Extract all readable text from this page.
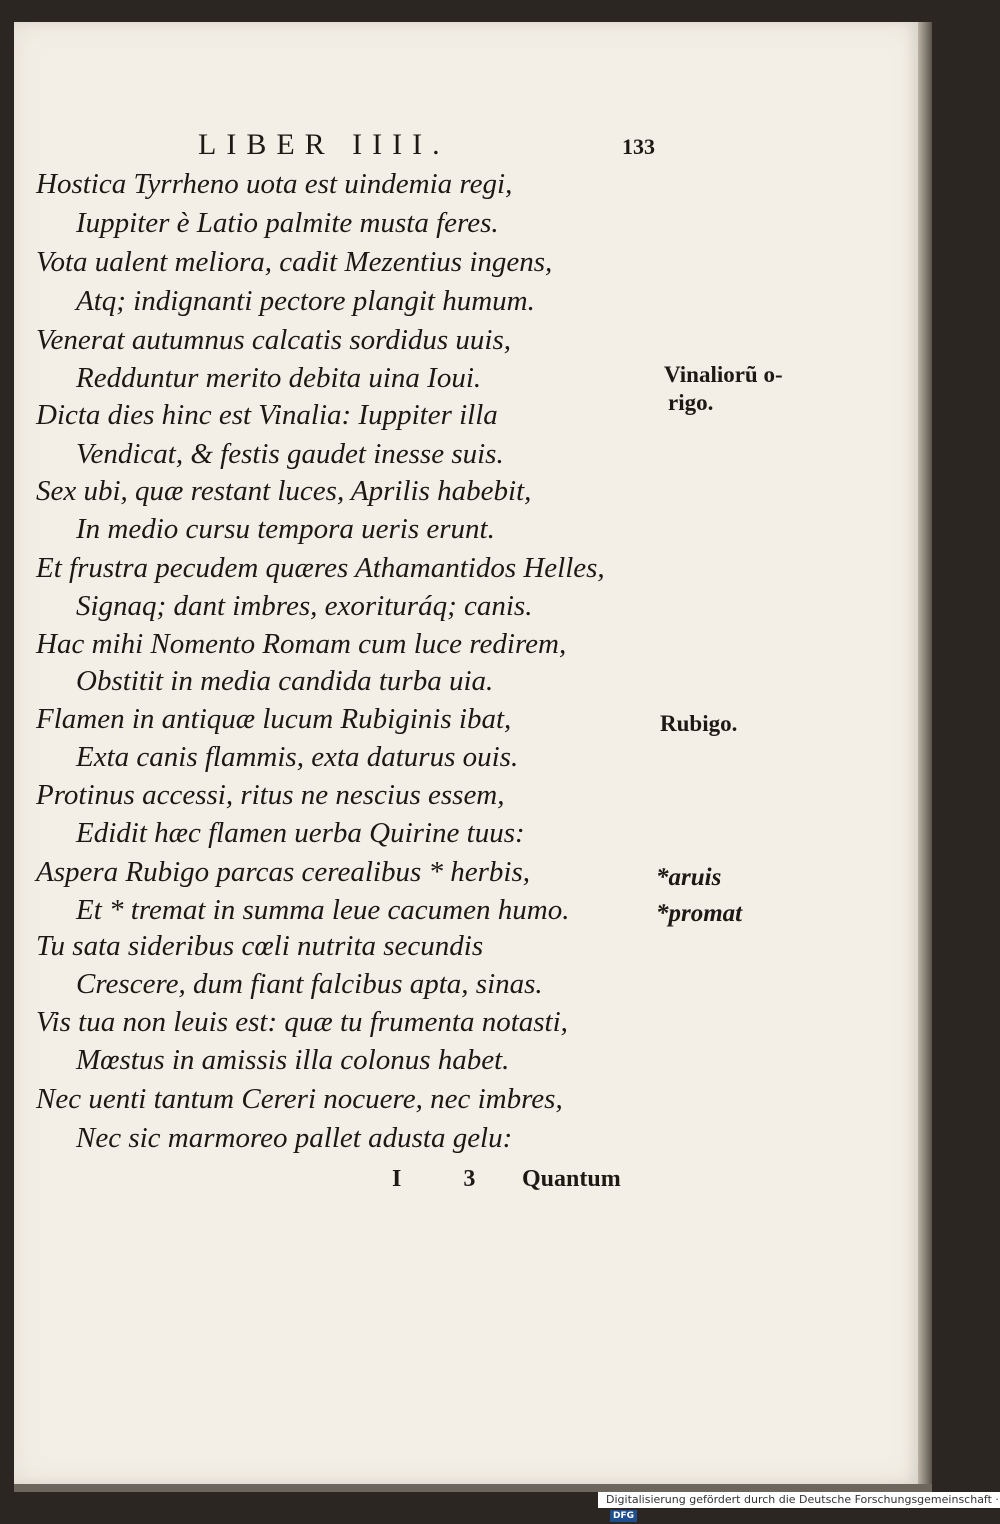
LIBER IIII.	133
Hostica Tyrrheno uota est uindemia regi,
Iuppiter è Latio palmite musta feres.
Vota ualent meliora, cadit Mezentius ingens,
Atq; indignanti pectore plangit humum.
Venerat autumnus calcatis sordidus uuis,
Redduntur merito debita uina Ioui.
Dicta dies hinc est Vinalia: Iuppiter illa
Vendicat, & festis gaudet inesse suis.
Sex ubi, quæ restant luces, Aprilis habebit,
In medio cursu tempora ueris erunt.
Et frustra pecudem quæres Athamantidos Helles,
Signaq; dant imbres, exorituráq; canis.
Hac mihi Nomento Romam cum luce redirem,
Obstitit in media candida turba uia.
Flamen in antiquæ lucum Rubiginis ibat,
Exta canis flammis, exta daturus ouis.
Protinus accessi, ritus ne nescius essem,
Edidit hæc flamen uerba Quirine tuus:
Aspera Rubigo parcas cerealibus * herbis,
Et * tremat in summa leue cacumen humo.
Tu sata sideribus cœli nutrita secundis
Crescere, dum fiant falcibus apta, sinas.
Vis tua non leuis est: quæ tu frumenta notasti,
Mœstus in amissis illa colonus habet.
Nec uenti tantum Cereri nocuere, nec imbres,
Nec sic marmoreo pallet adusta gelu:
Vinaliorũ o-
rigo.
Rubigo.
*aruis
*promat
I 3 Quantum
Digitalisierung gefördert durch die Deutsche Forschungsgemeinschaft ·DFG
